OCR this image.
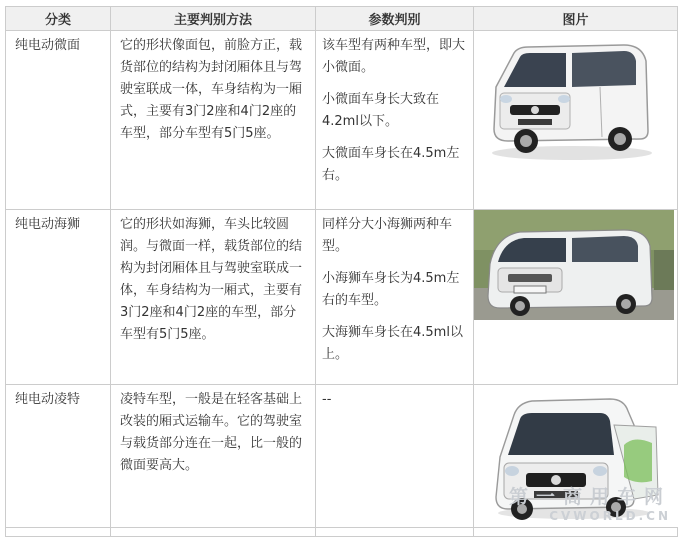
分类	主要判别方法	参数判别	图片

纯电动微面	它的形状像面包，前脸方正，载货部位的结构为封闭厢体且与驾驶室联成一体，车身结构为一厢式，主要有3门2座和4门2座的车型，部分车型有5门5座。	该车型有两种车型，即大小微面。

小微面车身长大致在4.2ml以下。

大微面车身长在4.5m左右。

纯电动海狮	它的形状如海狮，车头比较圆润。与微面一样，载货部位的结构为封闭厢体且与驾驶室联成一体，车身结构为一厢式，主要有3门2座和4门2座的车型，部分车型有5门5座。	同样分大小海狮两种车型。

小海狮车身长为4.5m左右的车型。

大海狮车身长在4.5ml以上。

纯电动凌特	凌特车型，一般是在轻客基础上改装的厢式运输车。它的驾驶室与载货部分连在一起，比一般的微面要高大。	--	第一商用车网
CVWORLD.CN
